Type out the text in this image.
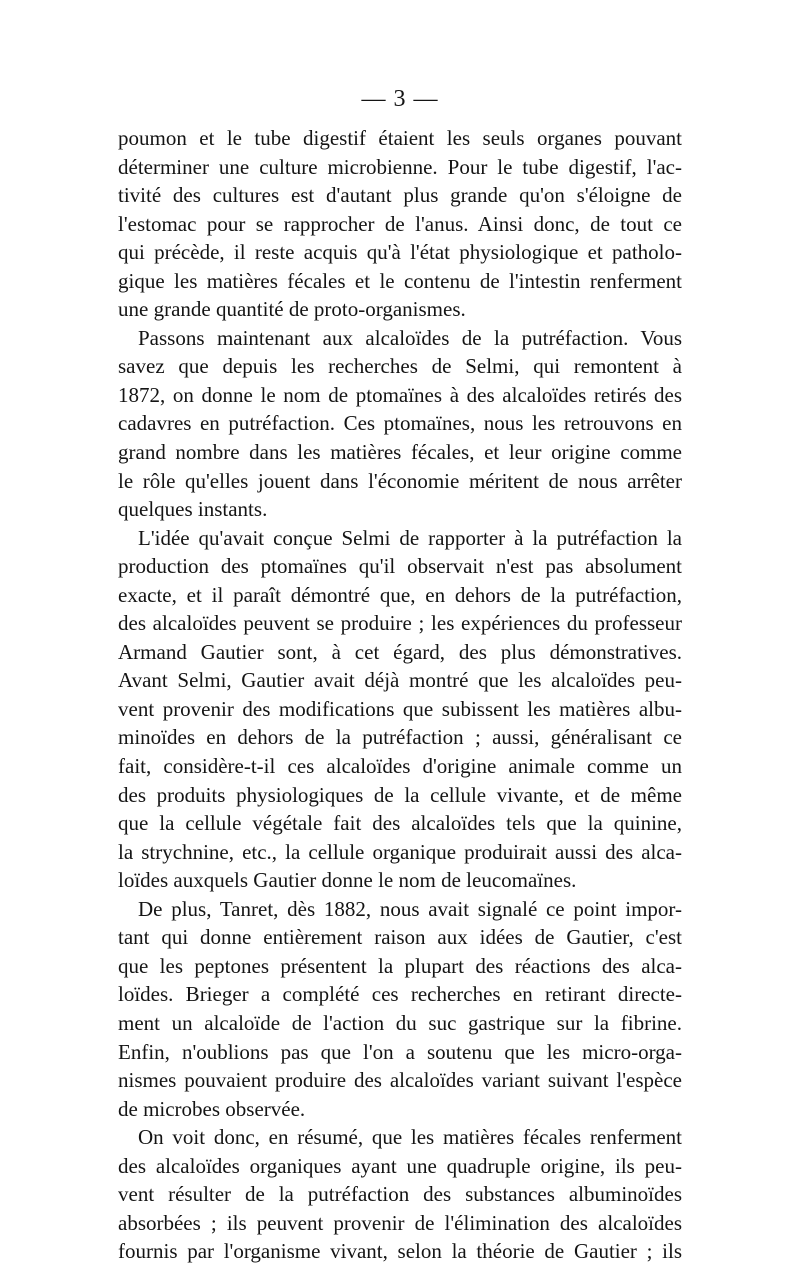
— 3 —
poumon et le tube digestif étaient les seuls organes pouvant
déterminer une culture microbienne. Pour le tube digestif, l'ac-
tivité des cultures est d'autant plus grande qu'on s'éloigne de
l'estomac pour se rapprocher de l'anus. Ainsi donc, de tout ce
qui précède, il reste acquis qu'à l'état physiologique et patholo-
gique les matières fécales et le contenu de l'intestin renferment
une grande quantité de proto-organismes.
Passons maintenant aux alcaloïdes de la putréfaction. Vous
savez que depuis les recherches de Selmi, qui remontent à
1872, on donne le nom de ptomaïnes à des alcaloïdes retirés des
cadavres en putréfaction. Ces ptomaïnes, nous les retrouvons en
grand nombre dans les matières fécales, et leur origine comme
le rôle qu'elles jouent dans l'économie méritent de nous arrêter
quelques instants.
L'idée qu'avait conçue Selmi de rapporter à la putréfaction la
production des ptomaïnes qu'il observait n'est pas absolument
exacte, et il paraît démontré que, en dehors de la putréfaction,
des alcaloïdes peuvent se produire ; les expériences du professeur
Armand Gautier sont, à cet égard, des plus démonstratives.
Avant Selmi, Gautier avait déjà montré que les alcaloïdes peu-
vent provenir des modifications que subissent les matières albu-
minoïdes en dehors de la putréfaction ; aussi, généralisant ce
fait, considère-t-il ces alcaloïdes d'origine animale comme un
des produits physiologiques de la cellule vivante, et de même
que la cellule végétale fait des alcaloïdes tels que la quinine,
la strychnine, etc., la cellule organique produirait aussi des alca-
loïdes auxquels Gautier donne le nom de leucomaïnes.
De plus, Tanret, dès 1882, nous avait signalé ce point impor-
tant qui donne entièrement raison aux idées de Gautier, c'est
que les peptones présentent la plupart des réactions des alca-
loïdes. Brieger a complété ces recherches en retirant directe-
ment un alcaloïde de l'action du suc gastrique sur la fibrine.
Enfin, n'oublions pas que l'on a soutenu que les micro-orga-
nismes pouvaient produire des alcaloïdes variant suivant l'espèce
de microbes observée.
On voit donc, en résumé, que les matières fécales renferment
des alcaloïdes organiques ayant une quadruple origine, ils peu-
vent résulter de la putréfaction des substances albuminoïdes
absorbées ; ils peuvent provenir de l'élimination des alcaloïdes
fournis par l'organisme vivant, selon la théorie de Gautier ; ils
